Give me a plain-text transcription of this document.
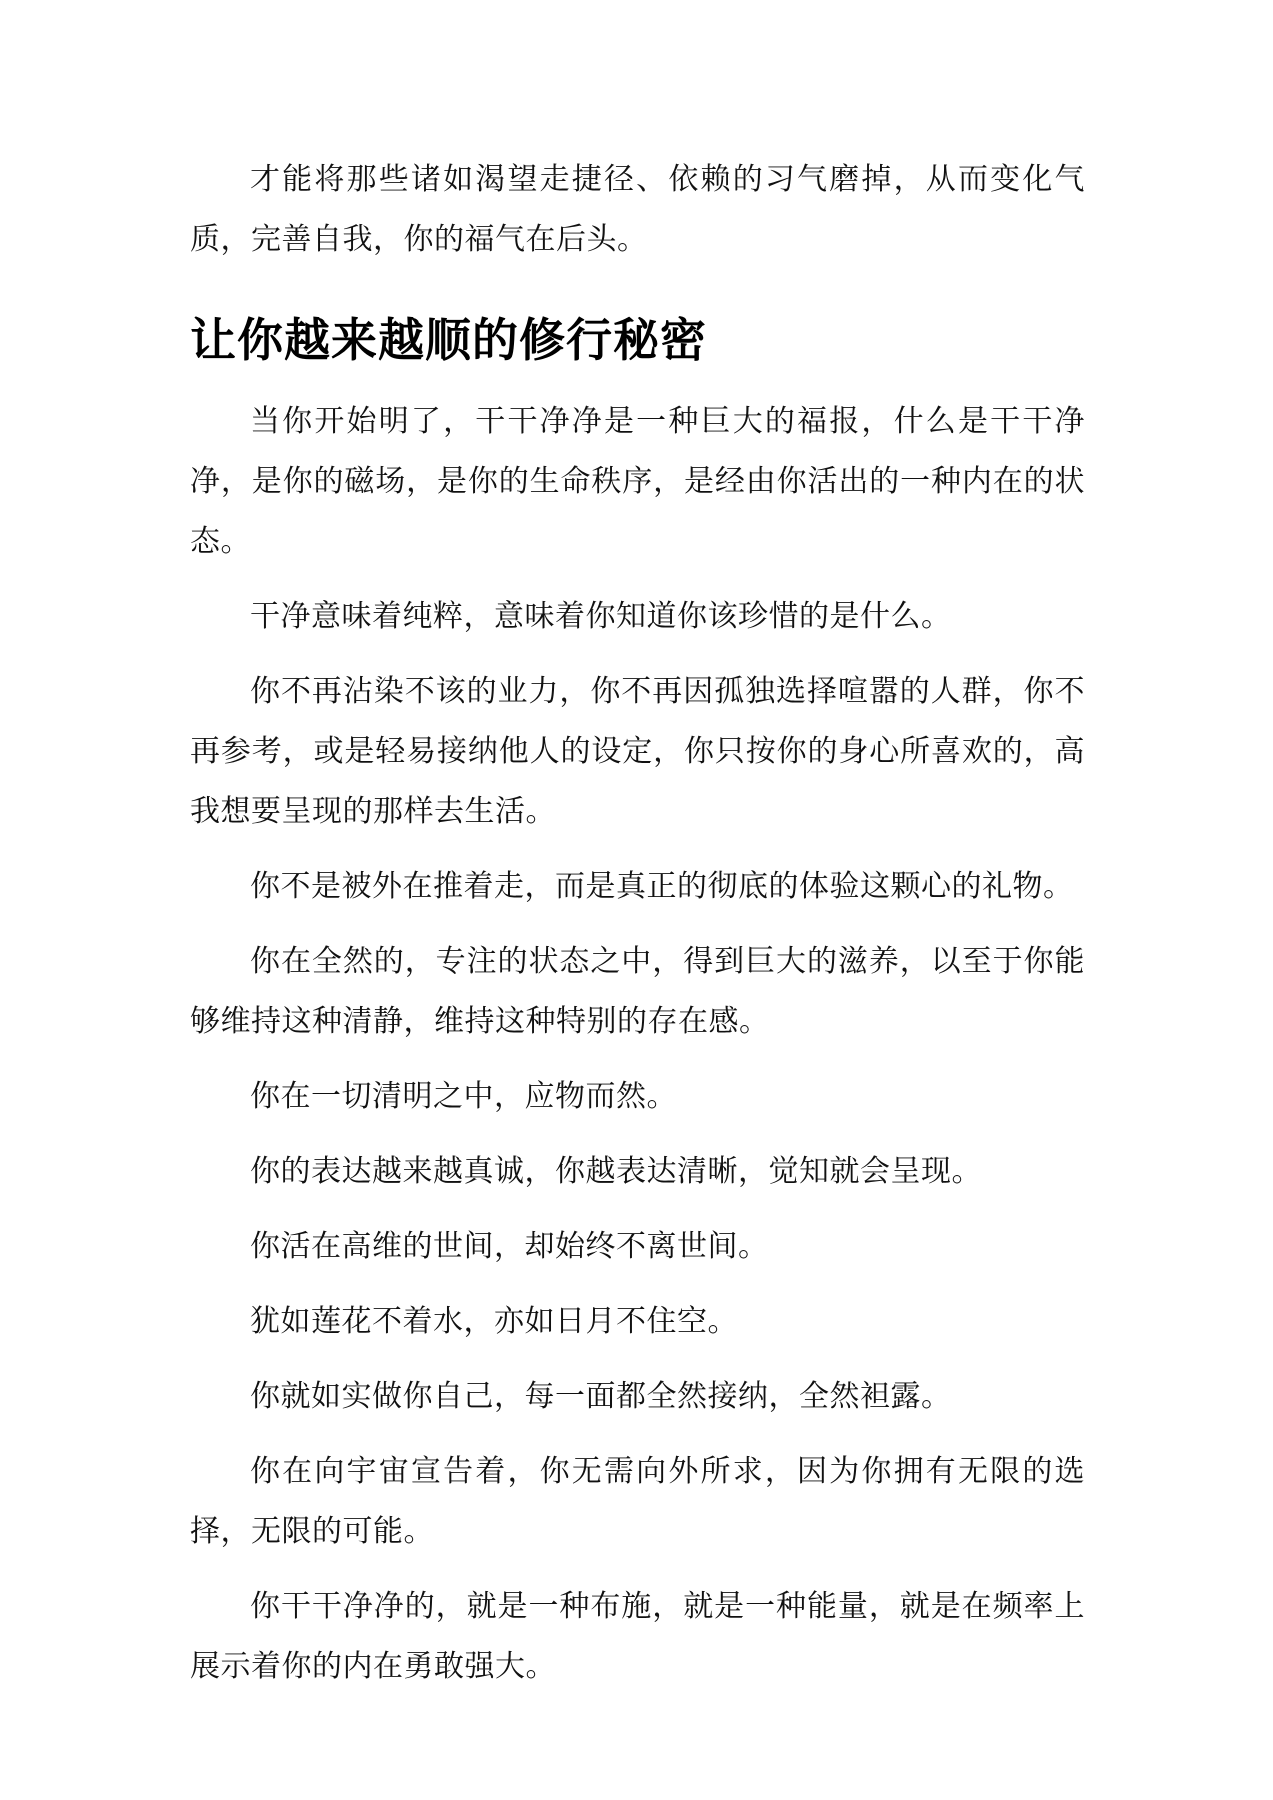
才能将那些诸如渴望走捷径、依赖的习气磨掉，从而变化气质，完善自我，你的福气在后头。

让你越来越顺的修行秘密

当你开始明了，干干净净是一种巨大的福报，什么是干干净净，是你的磁场，是你的生命秩序，是经由你活出的一种内在的状态。

干净意味着纯粹，意味着你知道你该珍惜的是什么。

你不再沾染不该的业力，你不再因孤独选择喧嚣的人群，你不再参考，或是轻易接纳他人的设定，你只按你的身心所喜欢的，高我想要呈现的那样去生活。

你不是被外在推着走，而是真正的彻底的体验这颗心的礼物。

你在全然的，专注的状态之中，得到巨大的滋养，以至于你能够维持这种清静，维持这种特别的存在感。

你在一切清明之中，应物而然。

你的表达越来越真诚，你越表达清晰，觉知就会呈现。

你活在高维的世间，却始终不离世间。

犹如莲花不着水，亦如日月不住空。

你就如实做你自己，每一面都全然接纳，全然袒露。

你在向宇宙宣告着，你无需向外所求，因为你拥有无限的选择，无限的可能。

你干干净净的，就是一种布施，就是一种能量，就是在频率上展示着你的内在勇敢强大。
